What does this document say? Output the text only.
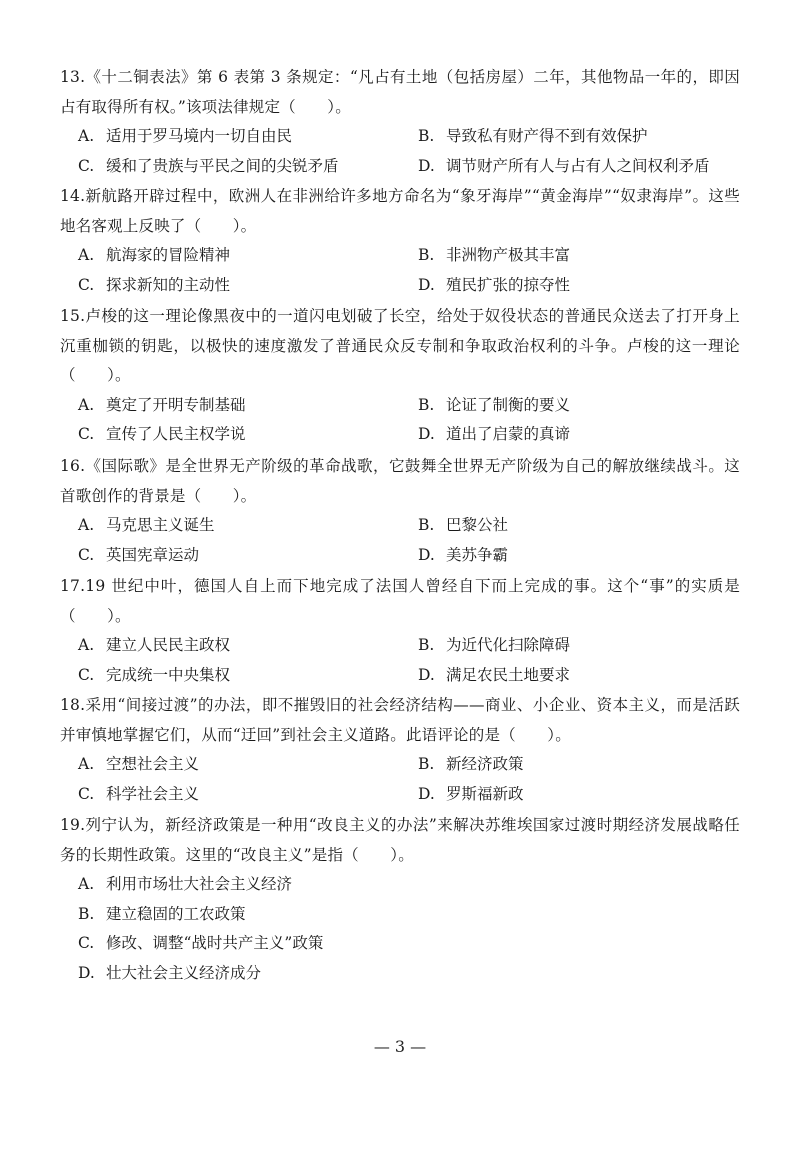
13.《十二铜表法》第 6 表第 3 条规定：“凡占有土地（包括房屋）二年，其他物品一年的，即因占有取得所有权。”该项法律规定（　　）。

A. 适用于罗马境内一切自由民	B. 导致私有财产得不到有效保护
C. 缓和了贵族与平民之间的尖锐矛盾	D. 调节财产所有人与占有人之间权利矛盾

14.新航路开辟过程中，欧洲人在非洲给许多地方命名为“象牙海岸”“黄金海岸”“奴隶海岸”。这些地名客观上反映了（　　）。

A. 航海家的冒险精神	B. 非洲物产极其丰富
C. 探求新知的主动性	D. 殖民扩张的掠夺性

15.卢梭的这一理论像黑夜中的一道闪电划破了长空，给处于奴役状态的普通民众送去了打开身上沉重枷锁的钥匙，以极快的速度激发了普通民众反专制和争取政治权利的斗争。卢梭的这一理论（　　）。

A. 奠定了开明专制基础	B. 论证了制衡的要义
C. 宣传了人民主权学说	D. 道出了启蒙的真谛

16.《国际歌》是全世界无产阶级的革命战歌，它鼓舞全世界无产阶级为自己的解放继续战斗。这首歌创作的背景是（　　）。

A. 马克思主义诞生	B. 巴黎公社
C. 英国宪章运动	D. 美苏争霸

17.19 世纪中叶，德国人自上而下地完成了法国人曾经自下而上完成的事。这个“事”的实质是（　　）。

A. 建立人民民主政权	B. 为近代化扫除障碍
C. 完成统一中央集权	D. 满足农民土地要求

18.采用“间接过渡”的办法，即不摧毁旧的社会经济结构——商业、小企业、资本主义，而是活跃并审慎地掌握它们，从而“迂回”到社会主义道路。此语评论的是（　　）。

A. 空想社会主义	B. 新经济政策
C. 科学社会主义	D. 罗斯福新政

19.列宁认为，新经济政策是一种用“改良主义的办法”来解决苏维埃国家过渡时期经济发展战略任务的长期性政策。这里的“改良主义”是指（　　）。

A. 利用市场壮大社会主义经济
B. 建立稳固的工农政策
C. 修改、调整“战时共产主义”政策
D. 壮大社会主义经济成分
— 3 —
